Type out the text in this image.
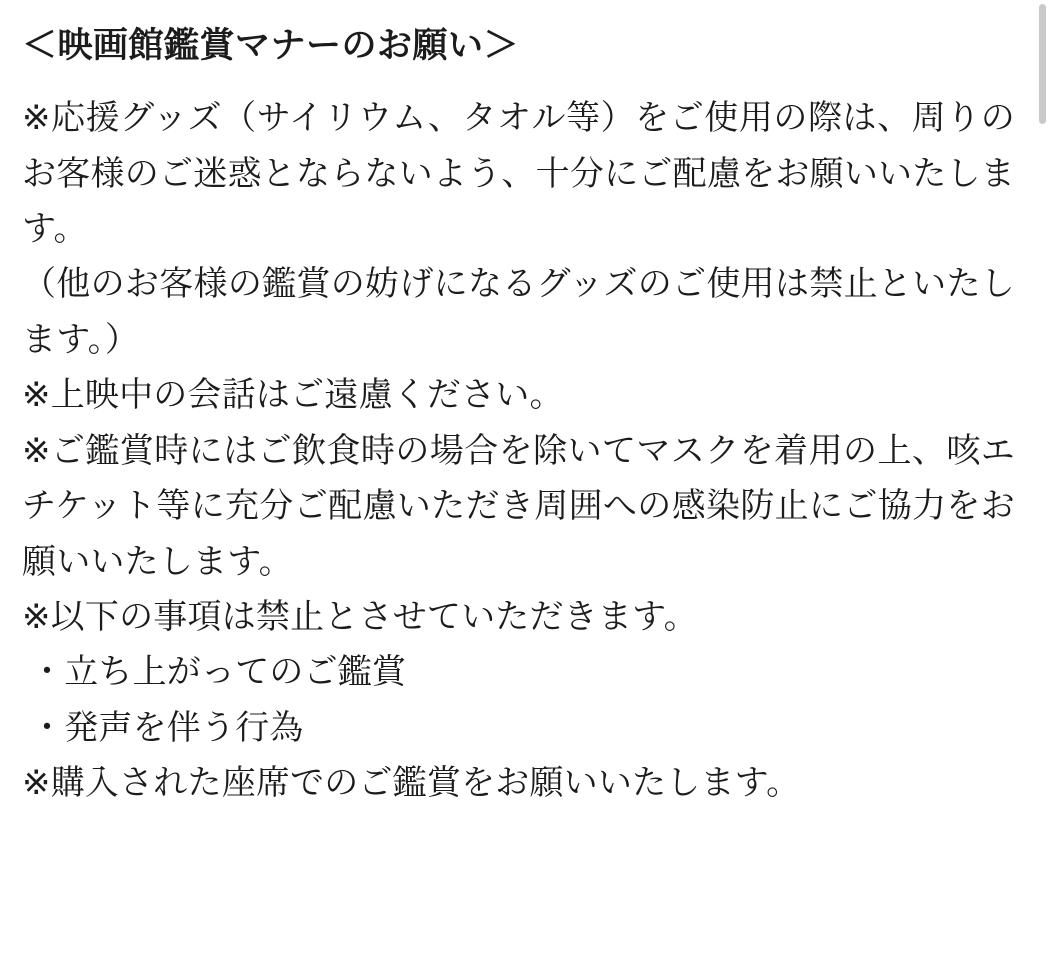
＜映画館鑑賞マナーのお願い＞

※応援グッズ（サイリウム、タオル等）をご使用の際は、周りのお客様のご迷惑とならないよう、十分にご配慮をお願いいたします。

（他のお客様の鑑賞の妨げになるグッズのご使用は禁止といたします。）

※上映中の会話はご遠慮ください。

※ご鑑賞時にはご飲食時の場合を除いてマスクを着用の上、咳エチケット等に充分ご配慮いただき周囲への感染防止にご協力をお願いいたします。

※以下の事項は禁止とさせていただきます。

・立ち上がってのご鑑賞

・発声を伴う行為

※購入された座席でのご鑑賞をお願いいたします。
